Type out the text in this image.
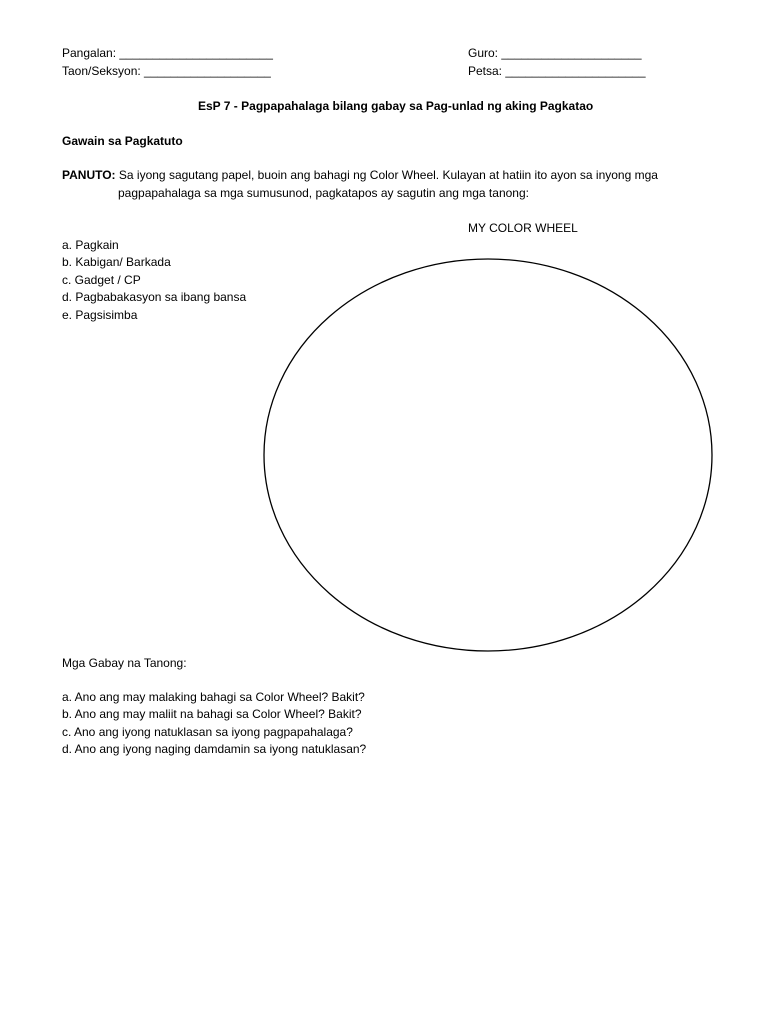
Pangalan: _______________________
Taon/Seksyon: ___________________
Guro: _____________________
Petsa: _____________________
EsP 7 - Pagpapahalaga bilang gabay sa Pag-unlad ng aking Pagkatao
Gawain sa Pagkatuto
PANUTO: Sa iyong sagutang papel, buoin ang bahagi ng Color Wheel. Kulayan at hatiin ito ayon sa inyong mga
pagpapahalaga sa mga sumusunod, pagkatapos ay sagutin ang mga tanong:
MY COLOR WHEEL
a. Pagkain
b. Kabigan/ Barkada
c. Gadget / CP
d. Pagbabakasyon sa ibang bansa
e. Pagsisimba
Mga Gabay na Tanong:
a. Ano ang may malaking bahagi sa Color Wheel? Bakit?
b. Ano ang may maliit na bahagi sa Color Wheel? Bakit?
c. Ano ang iyong natuklasan sa iyong pagpapahalaga?
d. Ano ang iyong naging damdamin sa iyong natuklasan?
